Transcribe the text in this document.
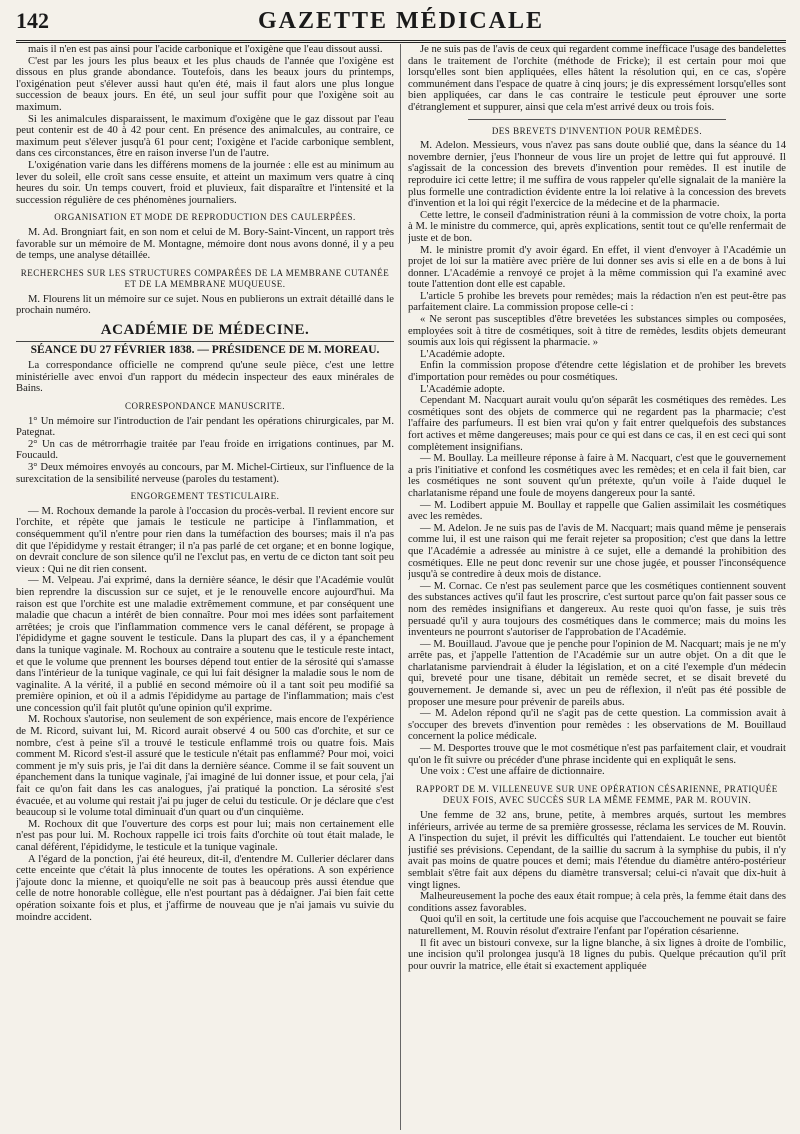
142	GAZETTE MÉDICALE

mais il n'en est pas ainsi pour l'acide carbonique et l'oxigène que l'eau dissout aussi.

C'est par les jours les plus beaux et les plus chauds de l'année que l'oxigène est dissous en plus grande abondance. Toutefois, dans les beaux jours du printemps, l'oxigénation peut s'élever aussi haut qu'en été, mais il faut alors une plus longue succession de beaux jours. En été, un seul jour suffit pour que l'oxigène soit au maximum.

Si les animalcules disparaissent, le maximum d'oxigène que le gaz dissout par l'eau peut contenir est de 40 à 42 pour cent. En présence des animalcules, au contraire, ce maximum peut s'élever jusqu'à 61 pour cent; l'oxigène et l'acide carbonique semblent, dans ces circonstances, être en raison inverse l'un de l'autre.

L'oxigénation varie dans les différens momens de la journée : elle est au minimum au lever du soleil, elle croît sans cesse ensuite, et atteint un maximum vers quatre à cinq heures du soir. Un temps couvert, froid et pluvieux, fait disparaître et l'intensité et la succession régulière de ces phénomènes journaliers.

ORGANISATION ET MODE DE REPRODUCTION DES CAULERPÉES.

M. Ad. Brongniart fait, en son nom et celui de M. Bory-Saint-Vincent, un rapport très favorable sur un mémoire de M. Montagne, mémoire dont nous avons donné, il y a peu de temps, une analyse détaillée.

RECHERCHES SUR LES STRUCTURES COMPARÉES DE LA MEMBRANE CUTANÉE ET DE LA MEMBRANE MUQUEUSE.

M. Flourens lit un mémoire sur ce sujet. Nous en publierons un extrait détaillé dans le prochain numéro.

ACADÉMIE DE MÉDECINE.

SÉANCE DU 27 FÉVRIER 1838. — PRÉSIDENCE DE M. MOREAU.

La correspondance officielle ne comprend qu'une seule pièce, c'est une lettre ministérielle avec envoi d'un rapport du médecin inspecteur des eaux minérales de Bains.

CORRESPONDANCE MANUSCRITE.

1° Un mémoire sur l'introduction de l'air pendant les opérations chirurgicales, par M. Pategnat.

2° Un cas de métrorrhagie traitée par l'eau froide en irrigations continues, par M. Foucauld.

3° Deux mémoires envoyés au concours, par M. Michel-Cirtieux, sur l'influence de la surexcitation de la sensibilité nerveuse (paroles du testament).

ENGORGEMENT TESTICULAIRE.

— M. Rochoux demande la parole à l'occasion du procès-verbal. Il revient encore sur l'orchite, et répète que jamais le testicule ne participe à l'inflammation, et conséquemment qu'il n'entre pour rien dans la tuméfaction des bourses; mais il n'a pas dit que l'épididyme y restait étranger; il n'a pas parlé de cet organe; et en bonne logique, on devrait conclure de son silence qu'il ne l'exclut pas, en vertu de ce dicton tant soit peu vieux : Qui ne dit rien consent.

— M. Velpeau. J'ai exprimé, dans la dernière séance, le désir que l'Académie voulût bien reprendre la discussion sur ce sujet, et je le renouvelle encore aujourd'hui. Ma raison est que l'orchite est une maladie extrêmement commune, et par conséquent une maladie que chacun a intérêt de bien connaître. Pour moi mes idées sont parfaitement arrêtées; je crois que l'inflammation commence vers le canal déférent, se propage à l'épididyme et gagne souvent le testicule. Dans la plupart des cas, il y a épanchement dans la tunique vaginale. M. Rochoux au contraire a soutenu que le testicule reste intact, et que le volume que prennent les bourses dépend tout entier de la sérosité qui s'amasse dans l'intérieur de la tunique vaginale, ce qui lui fait désigner la maladie sous le nom de vaginalite. A la vérité, il a publié en second mémoire où il a tant soit peu modifié sa première opinion, et où il a admis l'épididyme au partage de l'inflammation; mais c'est une concession qu'il fait plutôt qu'une opinion qu'il exprime.

M. Rochoux s'autorise, non seulement de son expérience, mais encore de l'expérience de M. Ricord, suivant lui, M. Ricord aurait observé 4 ou 500 cas d'orchite, et sur ce nombre, c'est à peine s'il a trouvé le testicule enflammé trois ou quatre fois. Mais comment M. Ricord s'est-il assuré que le testicule n'était pas enflammé? Pour moi, voici comment je m'y suis pris, je l'ai dit dans la dernière séance. Comme il se fait souvent un épanchement dans la tunique vaginale, j'ai imaginé de lui donner issue, et pour cela, j'ai fait ce qu'on fait dans les cas analogues, j'ai pratiqué la ponction. La sérosité s'est évacuée, et au volume qui restait j'ai pu juger de celui du testicule. Or je déclare que c'est beaucoup si le volume total diminuait d'un quart ou d'un cinquième.

M. Rochoux dit que l'ouverture des corps est pour lui; mais non certainement elle n'est pas pour lui. M. Rochoux rappelle ici trois faits d'orchite où tout était malade, le canal déférent, l'épididyme, le testicule et la tunique vaginale.

A l'égard de la ponction, j'ai été heureux, dit-il, d'entendre M. Cullerier déclarer dans cette enceinte que c'était là plus innocente de toutes les opérations. A son expérience j'ajoute donc la mienne, et quoiqu'elle ne soit pas à beaucoup près aussi étendue que celle de notre honorable collègue, elle n'est pourtant pas à dédaigner. J'ai bien fait cette opération soixante fois et plus, et j'affirme de nouveau que je n'ai jamais vu suivie du moindre accident.

Je ne suis pas de l'avis de ceux qui regardent comme inefficace l'usage des bandelettes dans le traitement de l'orchite (méthode de Fricke); il est certain pour moi que lorsqu'elles sont bien appliquées, elles hâtent la résolution qui, en ce cas, s'opère communément dans l'espace de quatre à cinq jours; je dis expressément lorsqu'elles sont bien appliquées, car dans le cas contraire le testicule peut éprouver une sorte d'étranglement et suppurer, ainsi que cela m'est arrivé deux ou trois fois.

DES BREVETS D'INVENTION POUR REMÈDES.

M. Adelon. Messieurs, vous n'avez pas sans doute oublié que, dans la séance du 14 novembre dernier, j'eus l'honneur de vous lire un projet de lettre qui fut approuvé. Il s'agissait de la concession des brevets d'invention pour remèdes. Il est inutile de reproduire ici cette lettre; il me suffira de vous rappeler qu'elle signalait de la manière la plus formelle une contradiction évidente entre la loi relative à la concession des brevets d'invention et la loi qui régit l'exercice de la médecine et de la pharmacie.

Cette lettre, le conseil d'administration réuni à la commission de votre choix, la porta à M. le ministre du commerce, qui, après explications, sentit tout ce qu'elle renfermait de juste et de bon.

M. le ministre promit d'y avoir égard. En effet, il vient d'envoyer à l'Académie un projet de loi sur la matière avec prière de lui donner ses avis si elle en a de bons à lui donner. L'Académie a renvoyé ce projet à la même commission qui l'a examiné avec toute l'attention dont elle est capable.

L'article 5 prohibe les brevets pour remèdes; mais la rédaction n'en est peut-être pas parfaitement claire. La commission propose celle-ci :

« Ne seront pas susceptibles d'être brevetées les substances simples ou composées, employées soit à titre de cosmétiques, soit à titre de remèdes, lesdits objets demeurant soumis aux lois qui régissent la pharmacie. »

L'Académie adopte.

Enfin la commission propose d'étendre cette législation et de prohiber les brevets d'importation pour remèdes ou pour cosmétiques.

L'Académie adopte.

Cependant M. Nacquart aurait voulu qu'on séparât les cosmétiques des remèdes. Les cosmétiques sont des objets de commerce qui ne regardent pas la pharmacie; c'est l'affaire des parfumeurs. Il est bien vrai qu'on y fait entrer quelquefois des substances fort actives et même dangereuses; mais pour ce qui est dans ce cas, il en est ceci qui sont complètement insignifians.

— M. Boullay. La meilleure réponse à faire à M. Nacquart, c'est que le gouvernement a pris l'initiative et confond les cosmétiques avec les remèdes; et en cela il fait bien, car les cosmétiques ne sont souvent qu'un prétexte, qu'un voile à l'aide duquel le charlatanisme répand une foule de moyens dangereux pour la santé.

— M. Lodibert appuie M. Boullay et rappelle que Galien assimilait les cosmétiques avec les remèdes.

— M. Adelon. Je ne suis pas de l'avis de M. Nacquart; mais quand même je penserais comme lui, il est une raison qui me ferait rejeter sa proposition; c'est que dans la lettre que l'Académie a adressée au ministre à ce sujet, elle a demandé la prohibition des cosmétiques. Elle ne peut donc revenir sur une chose jugée, et pousser l'inconséquence jusqu'à se contredire à deux mois de distance.

— M. Cornac. Ce n'est pas seulement parce que les cosmétiques contiennent souvent des substances actives qu'il faut les proscrire, c'est surtout parce qu'on fait passer sous ce nom des remèdes insignifians et dangereux. Au reste quoi qu'on fasse, je suis très persuadé qu'il y aura toujours des cosmétiques dans le commerce; mais du moins les inventeurs ne pourront s'autoriser de l'approbation de l'Académie.

— M. Bouillaud. J'avoue que je penche pour l'opinion de M. Nacquart; mais je ne m'y arrête pas, et j'appelle l'attention de l'Académie sur un autre objet. On a dit que le charlatanisme parviendrait à éluder la législation, et on a cité l'exemple d'un médecin qui, breveté pour une tisane, débitait un remède secret, et se disait breveté du gouvernement. Je demande si, avec un peu de réflexion, il n'eût pas été possible de proposer une mesure pour prévenir de pareils abus.

— M. Adelon répond qu'il ne s'agit pas de cette question. La commission avait à s'occuper des brevets d'invention pour remèdes : les observations de M. Bouillaud concernent la police médicale.

— M. Desportes trouve que le mot cosmétique n'est pas parfaitement clair, et voudrait qu'on le fît suivre ou précéder d'une phrase incidente qui en expliquât le sens.

Une voix : C'est une affaire de dictionnaire.

RAPPORT DE M. VILLENEUVE SUR UNE OPÉRATION CÉSARIENNE, PRATIQUÉE DEUX FOIS, AVEC SUCCÈS SUR LA MÊME FEMME, PAR M. ROUVIN.

Une femme de 32 ans, brune, petite, à membres arqués, surtout les membres inférieurs, arrivée au terme de sa première grossesse, réclama les services de M. Rouvin. A l'inspection du sujet, il prévit les difficultés qui l'attendaient. Le toucher eut bientôt justifié ses prévisions. Cependant, de la saillie du sacrum à la symphise du pubis, il n'y avait pas moins de quatre pouces et demi; mais l'étendue du diamètre antéro-postérieur semblait s'être fait aux dépens du diamètre transversal; celui-ci n'avait que dix-huit à vingt lignes.

Malheureusement la poche des eaux était rompue; à cela près, la femme était dans des conditions assez favorables.

Quoi qu'il en soit, la certitude une fois acquise que l'accouchement ne pouvait se faire naturellement, M. Rouvin résolut d'extraire l'enfant par l'opération césarienne.

Il fit avec un bistouri convexe, sur la ligne blanche, à six lignes à droite de l'ombilic, une incision qu'il prolongea jusqu'à 18 lignes du pubis. Quelque précaution qu'il prît pour ouvrir la matrice, elle était si exactement appliquée
